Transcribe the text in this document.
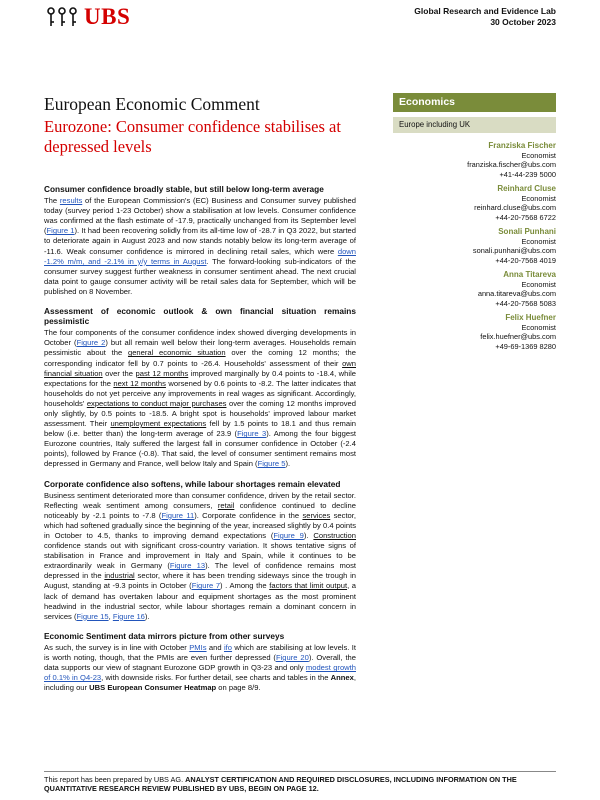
UBS	Global Research and Evidence Lab
30 October 2023
European Economic Comment
Eurozone: Consumer confidence stabilises at depressed levels
Economics
Europe including UK
Franziska Fischer
Economist
franziska.fischer@ubs.com
+41-44-239 5000
Reinhard Cluse
Economist
reinhard.cluse@ubs.com
+44-20-7568 6722
Sonali Punhani
Economist
sonali.punhani@ubs.com
+44-20-7568 4019
Anna Titareva
Economist
anna.titareva@ubs.com
+44-20-7568 5083
Felix Huefner
Economist
felix.huefner@ubs.com
+49-69-1369 8280
Consumer confidence broadly stable, but still below long-term average

The results of the European Commission's (EC) Business and Consumer survey published today (survey period 1-23 October) show a stabilisation at low levels. Consumer confidence was confirmed at the flash estimate of -17.9, practically unchanged from its September level (Figure 1). It had been recovering solidly from its all-time low of -28.7 in Q3 2022, but started to deteriorate again in August 2023 and now stands notably below its long-term average of -11.6. Weak consumer confidence is mirrored in declining retail sales, which were down -1.2% m/m, and -2.1% in y/y terms in August. The forward-looking sub-indicators of the consumer survey suggest further weakness in consumer sentiment ahead. The next crucial data point to gauge consumer activity will be retail sales data for September, which will be published on 8 November.

Assessment of economic outlook & own financial situation remains pessimistic

The four components of the consumer confidence index showed diverging developments in October (Figure 2) but all remain well below their long-term averages. Households remain pessimistic about the general economic situation over the coming 12 months; the corresponding indicator fell by 0.7 points to -26.4. Households' assessment of their own financial situation over the past 12 months improved marginally by 0.4 points to -18.4, while expectations for the next 12 months worsened by 0.6 points to -8.2. The latter indicates that households do not yet perceive any improvements in real wages as significant. Accordingly, households' expectations to conduct major purchases over the coming 12 months improved only slightly, by 0.5 points to -18.5. A bright spot is households' improved labour market assessment. Their unemployment expectations fell by 1.5 points to 18.1 and thus remain below (i.e. better than) the long-term average of 23.9 (Figure 3). Among the four biggest Eurozone countries, Italy suffered the largest fall in consumer confidence in October (-2.4 points), followed by France (-0.8). That said, the level of consumer sentiment remains most depressed in Germany and France, well below Italy and Spain (Figure 5).

Corporate confidence also softens, while labour shortages remain elevated

Business sentiment deteriorated more than consumer confidence, driven by the retail sector. Reflecting weak sentiment among consumers, retail confidence continued to decline noticeably by -2.1 points to -7.8 (Figure 11). Corporate confidence in the services sector, which had softened gradually since the beginning of the year, increased slightly by 0.4 points in October to 4.5, thanks to improving demand expectations (Figure 9). Construction confidence stands out with significant cross-country variation. It shows tentative signs of stabilisation in France and improvement in Italy and Spain, while it continues to be extraordinarily weak in Germany (Figure 13). The level of confidence remains most depressed in the industrial sector, where it has been trending sideways since the trough in August, standing at -9.3 points in October (Figure 7) . Among the factors that limit output, a lack of demand has overtaken labour and equipment shortages as the most prominent headwind in the industrial sector, while labour shortages remain a dominant concern in services (Figure 15, Figure 16).

Economic Sentiment data mirrors picture from other surveys

As such, the survey is in line with October PMIs and ifo which are stabilising at low levels. It is worth noting, though, that the PMIs are even further depressed (Figure 20). Overall, the data supports our view of stagnant Eurozone GDP growth in Q3-23 and only modest growth of 0.1% in Q4-23, with downside risks. For further detail, see charts and tables in the Annex, including our UBS European Consumer Heatmap on page 8/9.

This report has been prepared by UBS AG. ANALYST CERTIFICATION AND REQUIRED DISCLOSURES, INCLUDING INFORMATION ON THE QUANTITATIVE RESEARCH REVIEW PUBLISHED BY UBS, BEGIN ON PAGE 12.
